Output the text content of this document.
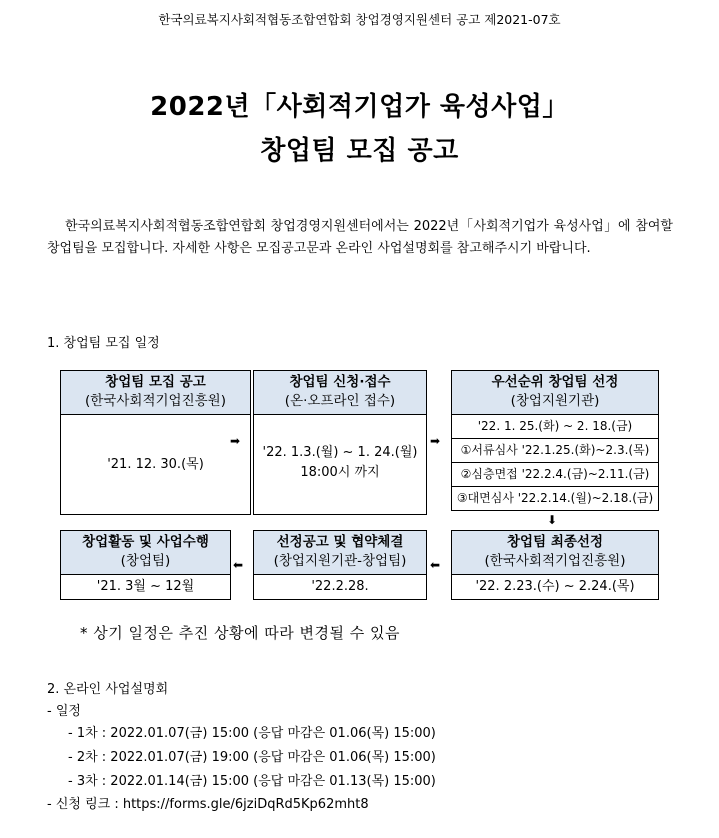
한국의료복지사회적협동조합연합회 창업경영지원센터 공고 제2021-07호
2022년「사회적기업가 육성사업」
창업팀 모집 공고
한국의료복지사회적협동조합연합회 창업경영지원센터에서는 2022년「사회적기업가 육성사업」에 참여할 창업팀을 모집합니다. 자세한 사항은 모집공고문과 온라인 사업설명회를 참고해주시기 바랍니다.
1. 창업팀 모집 일정
창업팀 모집 공고
(한국사회적기업진흥원)
'21. 12. 30.(목)
➡
창업팀 신청·접수
(온·오프라인 접수)
'22. 1.3.(월) ~ 1. 24.(월)
18:00시 까지
➡
우선순위 창업팀 선정
(창업지원기관)
'22. 1. 25.(화) ~ 2. 18.(금)
①서류심사 '22.1.25.(화)~2.3.(목)
②심층면접 '22.2.4.(금)~2.11.(금)
③대면심사 '22.2.14.(월)~2.18.(금)
⬇
창업활동 및 사업수행
(창업팀)
'21. 3월 ~ 12월
⬅
선정공고 및 협약체결
(창업지원기관-창업팀)
'22.2.28.
⬅
창업팀 최종선정
(한국사회적기업진흥원)
'22. 2.23.(수) ~ 2.24.(목)
* 상기 일정은 추진 상황에 따라 변경될 수 있음
2. 온라인 사업설명회
- 일정
- 1차 : 2022.01.07(금) 15:00 (응답 마감은 01.06(목) 15:00)
- 2차 : 2022.01.07(금) 19:00 (응답 마감은 01.06(목) 15:00)
- 3차 : 2022.01.14(금) 15:00 (응답 마감은 01.13(목) 15:00)
- 신청 링크 : https://forms.gle/6jziDqRd5Kp62mht8
